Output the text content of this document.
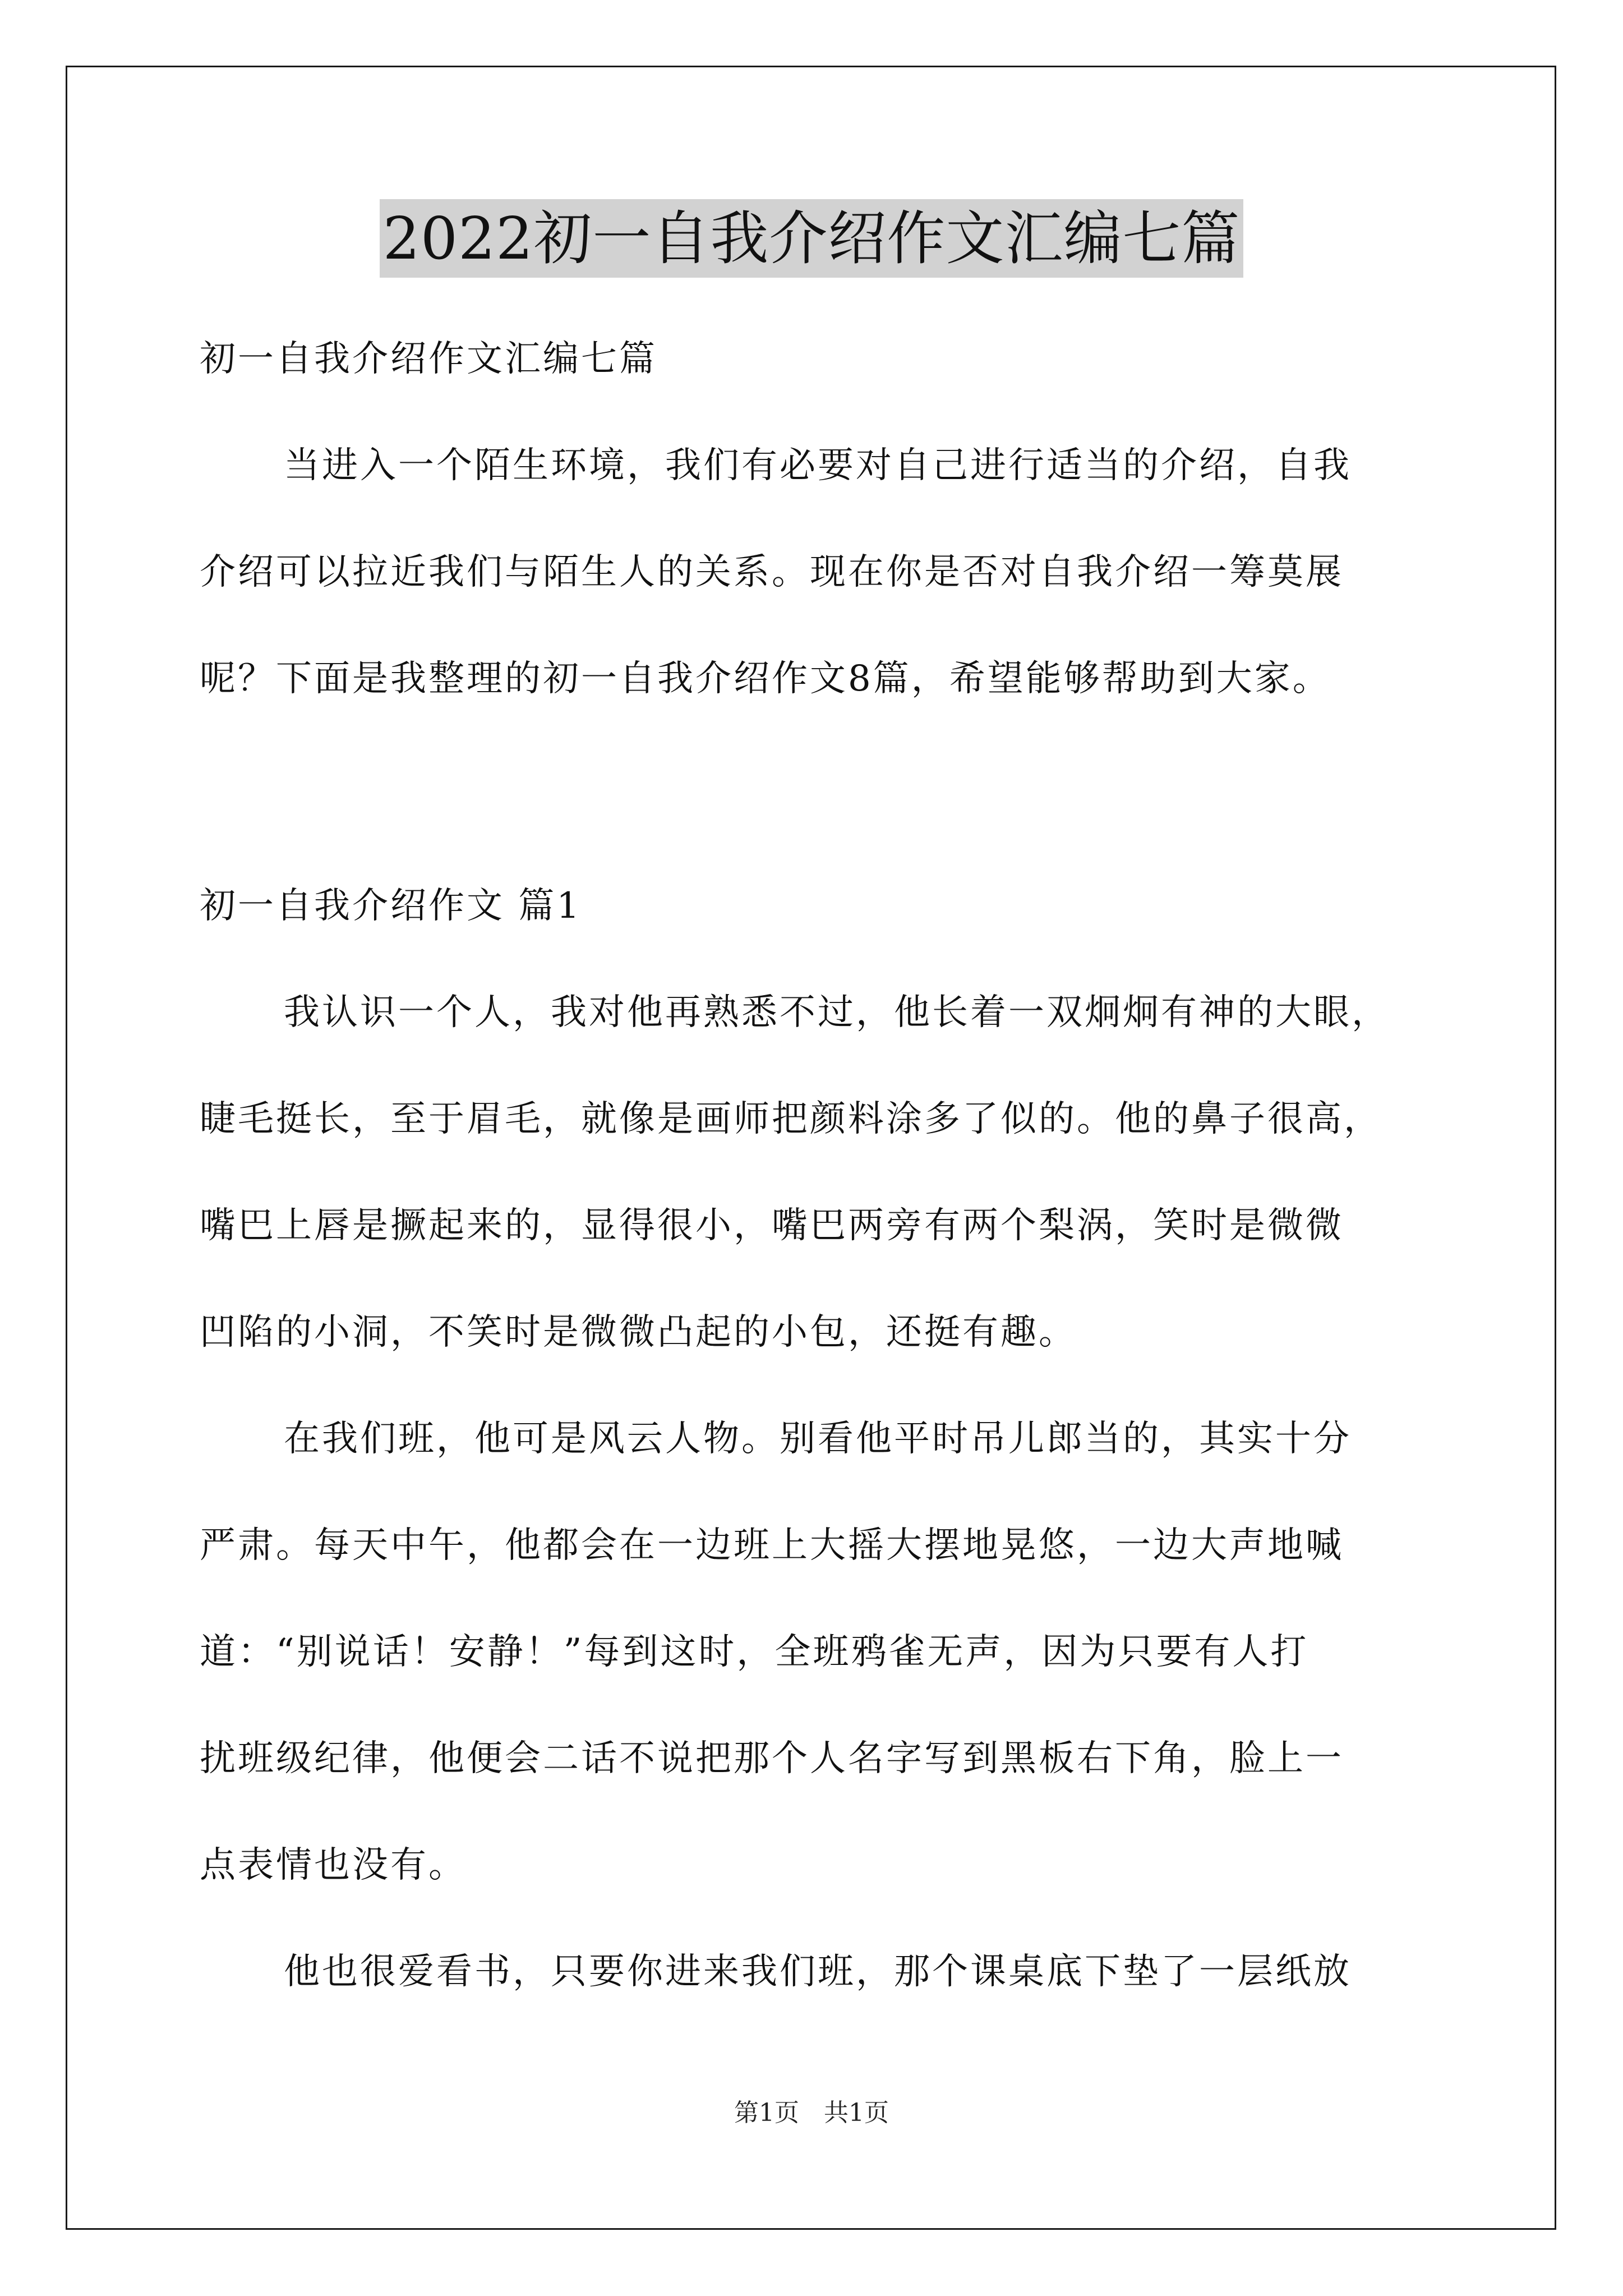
2022初一自我介绍作文汇编七篇

初一自我介绍作文汇编七篇

当进入一个陌生环境，我们有必要对自己进行适当的介绍，自我

介绍可以拉近我们与陌生人的关系。现在你是否对自我介绍一筹莫展

呢？下面是我整理的初一自我介绍作文8篇，希望能够帮助到大家。

初一自我介绍作文 篇1

我认识一个人，我对他再熟悉不过，他长着一双炯炯有神的大眼，

睫毛挺长，至于眉毛，就像是画师把颜料涂多了似的。他的鼻子很高，

嘴巴上唇是撅起来的，显得很小，嘴巴两旁有两个梨涡，笑时是微微

凹陷的小洞，不笑时是微微凸起的小包，还挺有趣。

在我们班，他可是风云人物。别看他平时吊儿郎当的，其实十分

严肃。每天中午，他都会在一边班上大摇大摆地晃悠，一边大声地喊

道：“别说话！安静！”每到这时，全班鸦雀无声，因为只要有人打

扰班级纪律，他便会二话不说把那个人名字写到黑板右下角，脸上一

点表情也没有。

他也很爱看书，只要你进来我们班，那个课桌底下垫了一层纸放

第1页　共1页
